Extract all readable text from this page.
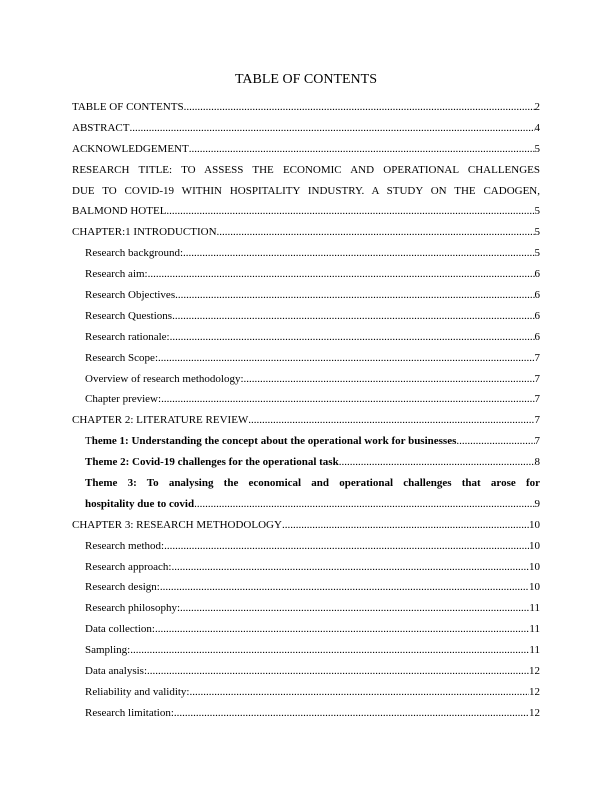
TABLE OF CONTENTS
TABLE OF CONTENTS .....	2
ABSTRACT .....	4
ACKNOWLEDGEMENT .....	5
RESEARCH TITLE: TO ASSESS THE ECONOMIC AND OPERATIONAL CHALLENGES
DUE TO COVID-19 WITHIN HOSPITALITY INDUSTRY. A STUDY ON THE CADOGEN,
BALMOND HOTEL .....	5
CHAPTER:1 INTRODUCTION .....	5
Research background: .....	5
Research aim: .....	6
Research Objectives .....	6
Research Questions .....	6
Research rationale: .....	6
Research Scope: .....	7
Overview of research methodology: .....	7
Chapter preview: .....	7
CHAPTER 2: LITERATURE REVIEW .....	7
Theme 1: Understanding the concept about the operational work for businesses .....	7
Theme 2: Covid-19 challenges for the operational task .....	8
Theme 3: To analysing the economical and operational challenges that arose for
hospitality due to covid .....	9
CHAPTER 3: RESEARCH METHODOLOGY .....	10
Research method: .....	10
Research approach: .....	10
Research design: .....	10
Research philosophy: .....	11
Data collection: .....	11
Sampling: .....	11
Data analysis: .....	12
Reliability and validity: .....	12
Research limitation: .....	12
